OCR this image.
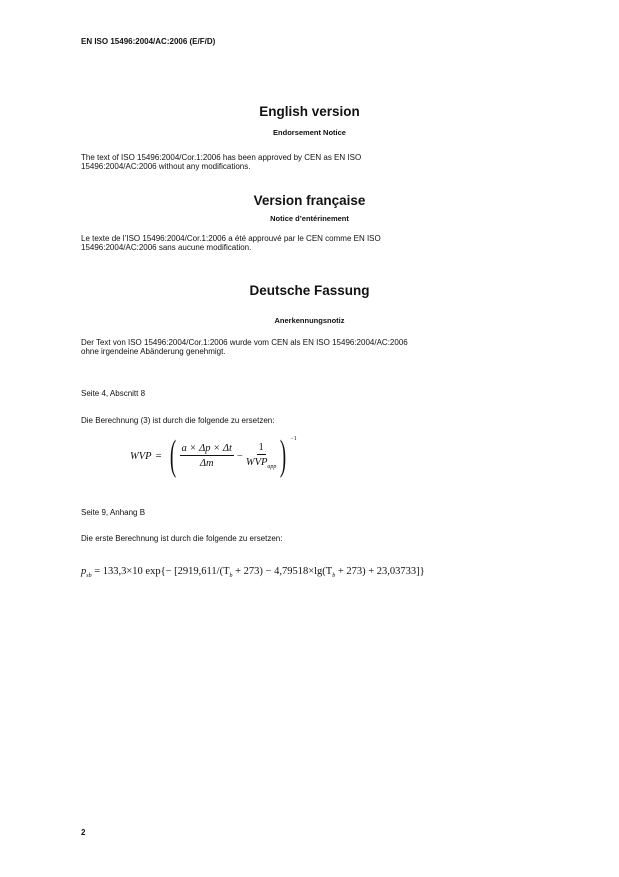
EN ISO 15496:2004/AC:2006 (E/F/D)
English version
Endorsement Notice
The text of ISO 15496:2004/Cor.1:2006 has been approved by CEN as EN ISO
15496:2004/AC:2006 without any modifications.
Version française
Notice d’entérinement
Le texte de l’ISO 15496:2004/Cor.1:2006 a été approuvé par le CEN comme EN ISO
15496:2004/AC:2006 sans aucune modification.
Deutsche Fassung
Anerkennungsnotiz
Der Text von ISO 15496:2004/Cor.1:2006 wurde vom CEN als EN ISO 15496:2004/AC:2006
ohne irgendeine Abänderung genehmigt.
Seite 4, Abscnitt 8
Die Berechnung (3) ist durch die folgende zu ersetzen:
WVP = ( $\frac{a \times \Delta p \times \Delta t}{\Delta m} - \frac{1}{WVP_{app}}$ ) $^{-1}$
Seite 9, Anhang B
Die erste Berechnung ist durch die folgende zu ersetzen:
$p_{sb} = 133,3\times 10$ $\exp\{- [2919,611/(T_b + 273) - 4,79518\times\lg(T_b + 273) + 23,03733]\}$
2
